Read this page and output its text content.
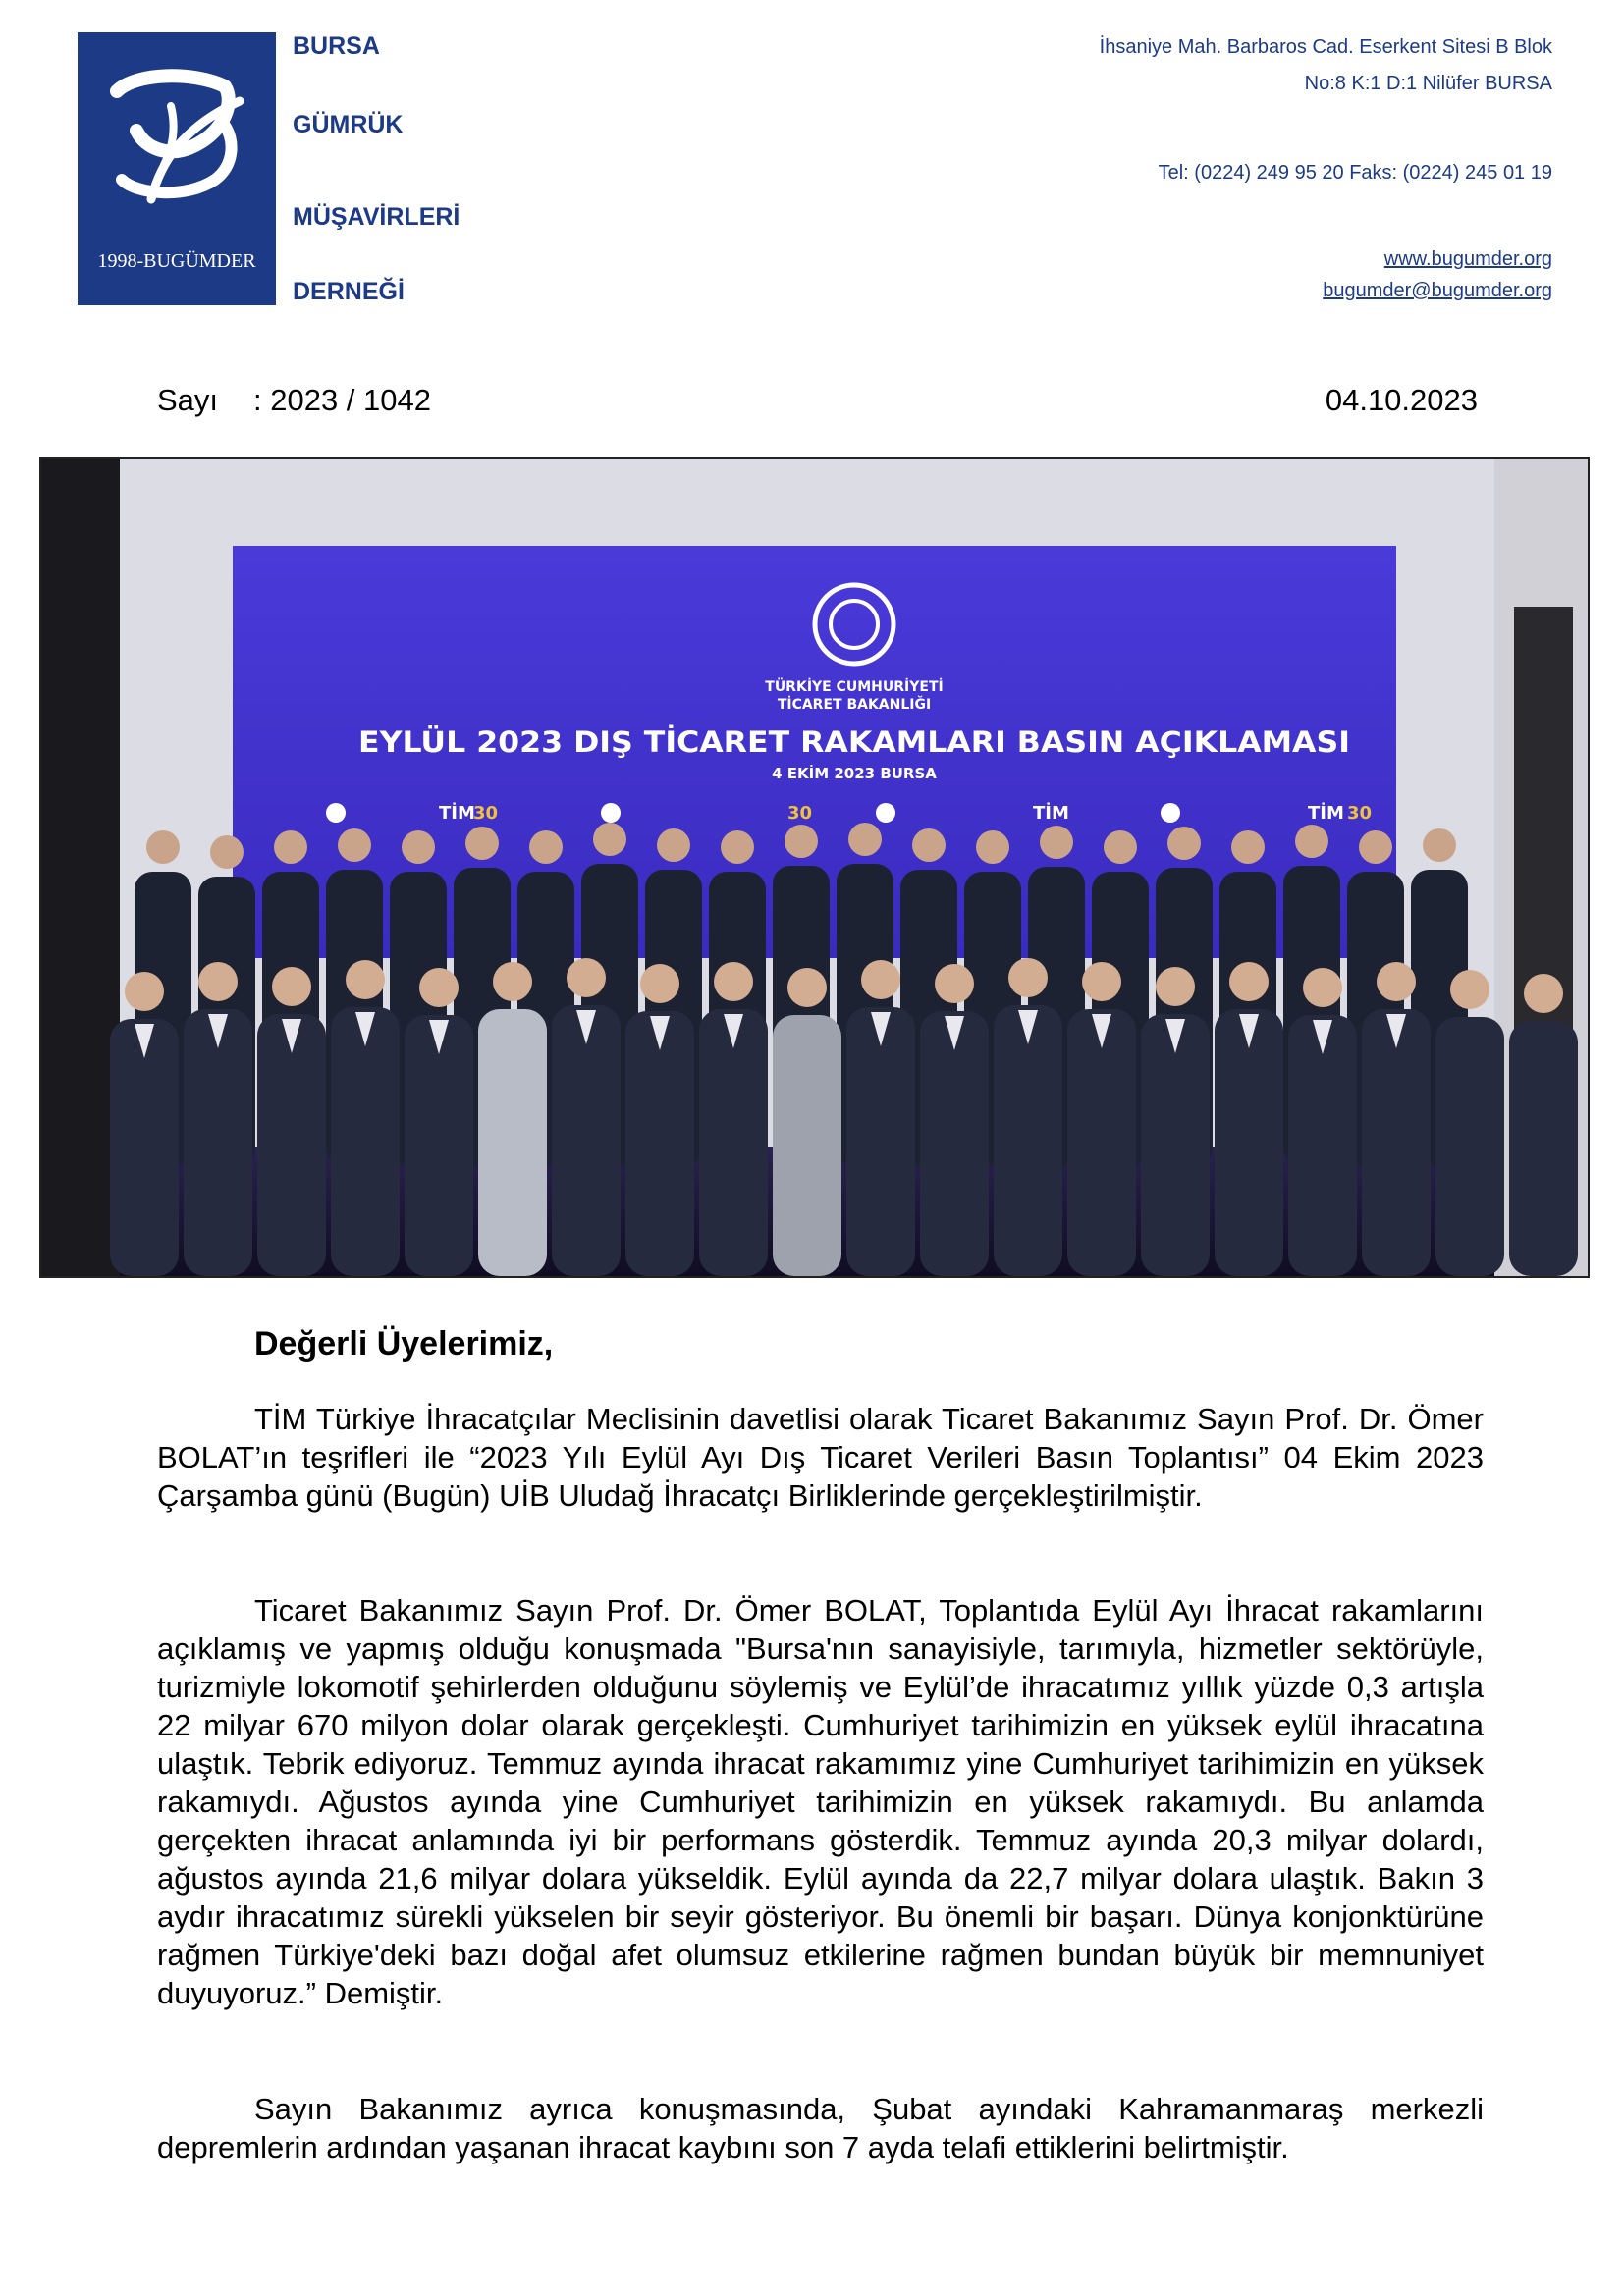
1998-BUGÜMDER
BURSA
GÜMRÜK
MÜŞAVİRLERİ
DERNEĞİ
İhsaniye Mah. Barbaros Cad. Eserkent Sitesi B Blok
No:8 K:1 D:1 Nilüfer BURSA
Tel: (0224) 249 95 20 Faks: (0224) 245 01 19
www.bugumder.org
bugumder@bugumder.org
Sayı : 2023 / 1042	04.10.2023
TÜRKİYE CUMHURİYETİ
TİCARET BAKANLIĞI
EYLÜL 2023 DIŞ TİCARET RAKAMLARI BASIN AÇIKLAMASI
4 EKİM 2023 BURSA
TİM
30	30	TİM	TİM 30
Değerli Üyelerimiz,

TİM Türkiye İhracatçılar Meclisinin davetlisi olarak Ticaret Bakanımız Sayın Prof. Dr. Ömer BOLAT’ın teşrifleri ile “2023 Yılı Eylül Ayı Dış Ticaret Verileri Basın Toplantısı” 04 Ekim 2023 Çarşamba günü (Bugün) UİB Uludağ İhracatçı Birliklerinde gerçekleştirilmiştir.

Ticaret Bakanımız Sayın Prof. Dr. Ömer BOLAT, Toplantıda Eylül Ayı İhracat rakamlarını açıklamış ve yapmış olduğu konuşmada "Bursa'nın sanayisiyle, tarımıyla, hizmetler sektörüyle, turizmiyle lokomotif şehirlerden olduğunu söylemiş ve Eylül’de ihracatımız yıllık yüzde 0,3 artışla 22 milyar 670 milyon dolar olarak gerçekleşti. Cumhuriyet tarihimizin en yüksek eylül ihracatına ulaştık. Tebrik ediyoruz. Temmuz ayında ihracat rakamımız yine Cumhuriyet tarihimizin en yüksek rakamıydı. Ağustos ayında yine Cumhuriyet tarihimizin en yüksek rakamıydı. Bu anlamda gerçekten ihracat anlamında iyi bir performans gösterdik. Temmuz ayında 20,3 milyar dolardı, ağustos ayında 21,6 milyar dolara yükseldik. Eylül ayında da 22,7 milyar dolara ulaştık. Bakın 3 aydır ihracatımız sürekli yükselen bir seyir gösteriyor. Bu önemli bir başarı. Dünya konjonktürüne rağmen Türkiye'deki bazı doğal afet olumsuz etkilerine rağmen bundan büyük bir memnuniyet duyuyoruz.” Demiştir.

Sayın Bakanımız ayrıca konuşmasında, Şubat ayındaki Kahramanmaraş merkezli depremlerin ardından yaşanan ihracat kaybını son 7 ayda telafi ettiklerini belirtmiştir.
